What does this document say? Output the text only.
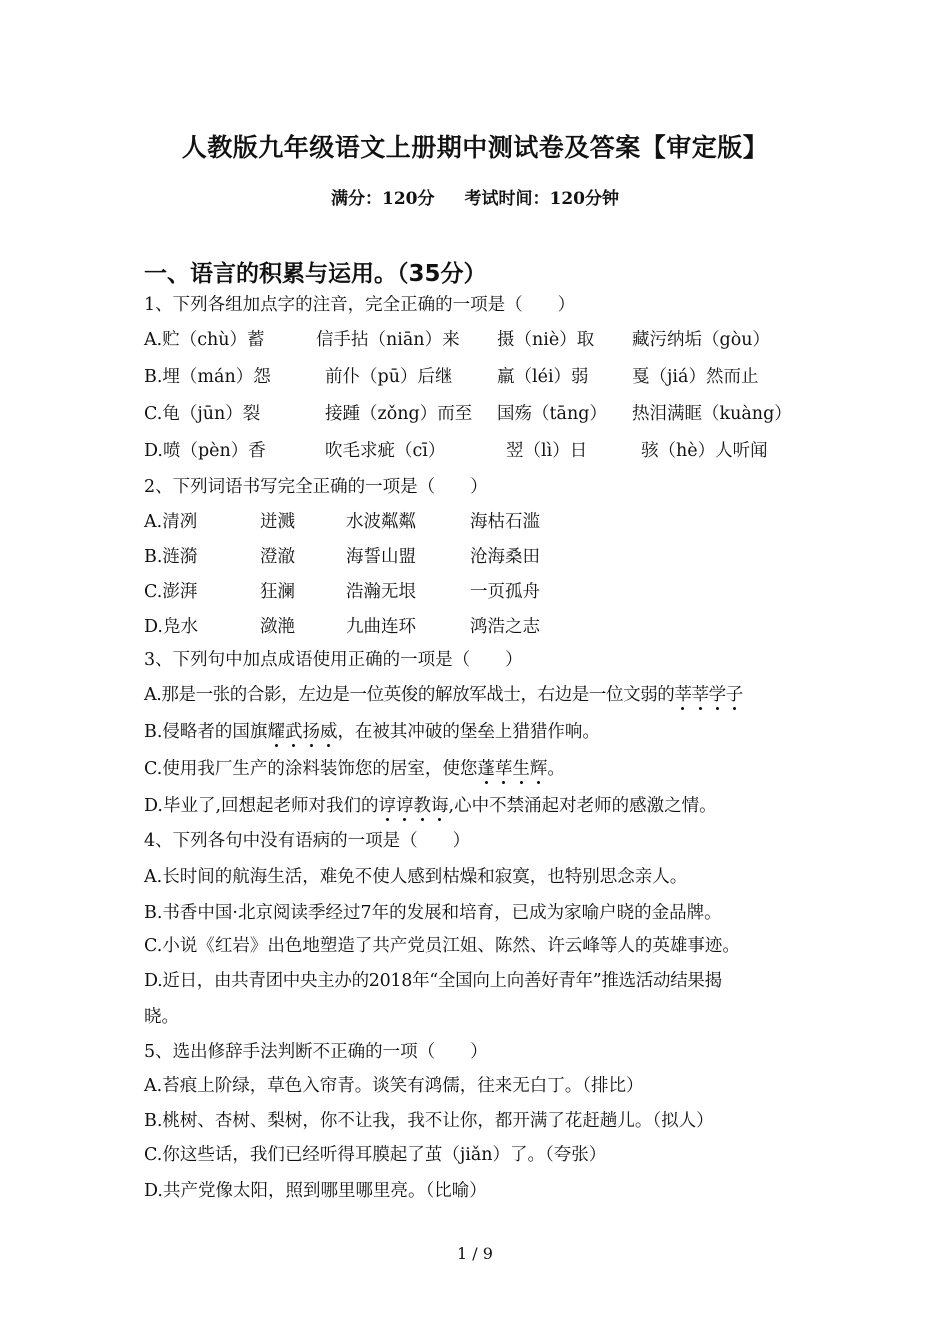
人教版九年级语文上册期中测试卷及答案【审定版】
满分：120分 考试时间：120分钟
一、语言的积累与运用。（35分）
1、下列各组加点字的注音，完全正确的一项是（　　）
A.贮（chù）蓄	信手拈（niān）来 摄（niè）取 藏污纳垢（gòu）
B.埋（mán）怨	前仆（pū）后继	羸（léi）弱 戛（jiá）然而止
C.龟（jūn）裂	接踵（zǒng）而至 国殇（tāng） 热泪满眶（kuàng）
D.喷（pèn）香	吹毛求疵（cī）	翌（lì）日	骇（hè）人听闻
2、下列词语书写完全正确的一项是（　　）
A.清冽	迸溅	水波粼粼	海枯石滥
B.涟漪	澄澈	海誓山盟	沧海桑田
C.澎湃	狂澜	浩瀚无垠	一页孤舟
D.凫水	潋滟	九曲连环	鸿浩之志
3、下列句中加点成语使用正确的一项是（　　）
A.那是一张的合影，左边是一位英俊的解放军战士，右边是一位文弱的莘莘学子
B.侵略者的国旗耀武扬威，在被其冲破的堡垒上猎猎作响。
C.使用我厂生产的涂料装饰您的居室，使您蓬荜生辉。
D.毕业了,回想起老师对我们的谆谆教诲,心中不禁涌起对老师的感激之情。
4、下列各句中没有语病的一项是（　　）
A.长时间的航海生活，难免不使人感到枯燥和寂寞，也特别思念亲人。
B.书香中国·北京阅读季经过7年的发展和培育，已成为家喻户晓的金品牌。
C.小说《红岩》出色地塑造了共产党员江姐、陈然、许云峰等人的英雄事迹。
D.近日，由共青团中央主办的2018年“全国向上向善好青年”推选活动结果揭
晓。
5、选出修辞手法判断不正确的一项（　　）
A.苔痕上阶绿，草色入帘青。谈笑有鸿儒，往来无白丁。（排比）
B.桃树、杏树、梨树，你不让我，我不让你，都开满了花赶趟儿。（拟人）
C.你这些话，我们已经听得耳膜起了茧（jiǎn）了。（夸张）
D.共产党像太阳，照到哪里哪里亮。（比喻）
1 / 9
